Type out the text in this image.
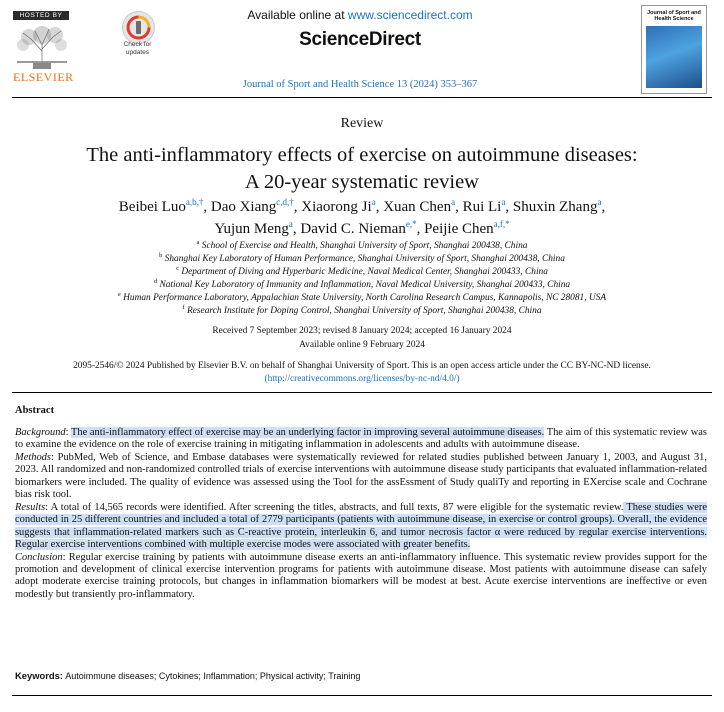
HOSTED BY
ELSEVIER
Check for updates
Available online at www.sciencedirect.com
ScienceDirect
Journal of Sport and Health Science 13 (2024) 353–367
Journal of Sport and Health Science
Review
The anti-inflammatory effects of exercise on autoimmune diseases:
A 20-year systematic review
Beibei Luo$^{a,b,\dagger}$, Dao Xiang$^{c,d,\dagger}$, Xiaorong Ji$^a$, Xuan Chen$^a$, Rui Li$^a$, Shuxin Zhang$^a$,
Yujun Meng$^a$, David C. Nieman$^{e,*}$, Peijie Chen$^{a,f,*}$
$^a$ School of Exercise and Health, Shanghai University of Sport, Shanghai 200438, China
$^b$ Shanghai Key Laboratory of Human Performance, Shanghai University of Sport, Shanghai 200438, China
$^c$ Department of Diving and Hyperbaric Medicine, Naval Medical Center, Shanghai 200433, China
$^d$ National Key Laboratory of Immunity and Inflammation, Naval Medical University, Shanghai 200433, China
$^e$ Human Performance Laboratory, Appalachian State University, North Carolina Research Campus, Kannapolis, NC 28081, USA
$^f$ Research Institute for Doping Control, Shanghai University of Sport, Shanghai 200438, China
Received 7 September 2023; revised 8 January 2024; accepted 16 January 2024
Available online 9 February 2024
2095-2546/© 2024 Published by Elsevier B.V. on behalf of Shanghai University of Sport. This is an open access article under the CC BY-NC-ND license.
(http://creativecommons.org/licenses/by-nc-nd/4.0/)
Abstract

Background: The anti-inflammatory effect of exercise may be an underlying factor in improving several autoimmune diseases. The aim of this systematic review was to examine the evidence on the role of exercise training in mitigating inflammation in adolescents and adults with autoimmune disease.

Methods: PubMed, Web of Science, and Embase databases were systematically reviewed for related studies published between January 1, 2003, and August 31, 2023. All randomized and non-randomized controlled trials of exercise interventions with autoimmune disease study participants that evaluated inflammation-related biomarkers were included. The quality of evidence was assessed using the Tool for the assEssment of Study qualiTy and reporting in EXercise scale and Cochrane bias risk tool.

Results: A total of 14,565 records were identified. After screening the titles, abstracts, and full texts, 87 were eligible for the systematic review. These studies were conducted in 25 different countries and included a total of 2779 participants (patients with autoimmune disease, in exercise or control groups). Overall, the evidence suggests that inflammation-related markers such as C-reactive protein, interleukin 6, and tumor necrosis factor α were reduced by regular exercise interventions. Regular exercise interventions combined with multiple exercise modes were associated with greater benefits.

Conclusion: Regular exercise training by patients with autoimmune disease exerts an anti-inflammatory influence. This systematic review provides support for the promotion and development of clinical exercise intervention programs for patients with autoimmune disease. Most patients with autoimmune disease can safely adopt moderate exercise training protocols, but changes in inflammation biomarkers will be modest at best. Acute exercise interventions are ineffective or even modestly but transiently pro-inflammatory.

Keywords: Autoimmune diseases; Cytokines; Inflammation; Physical activity; Training
